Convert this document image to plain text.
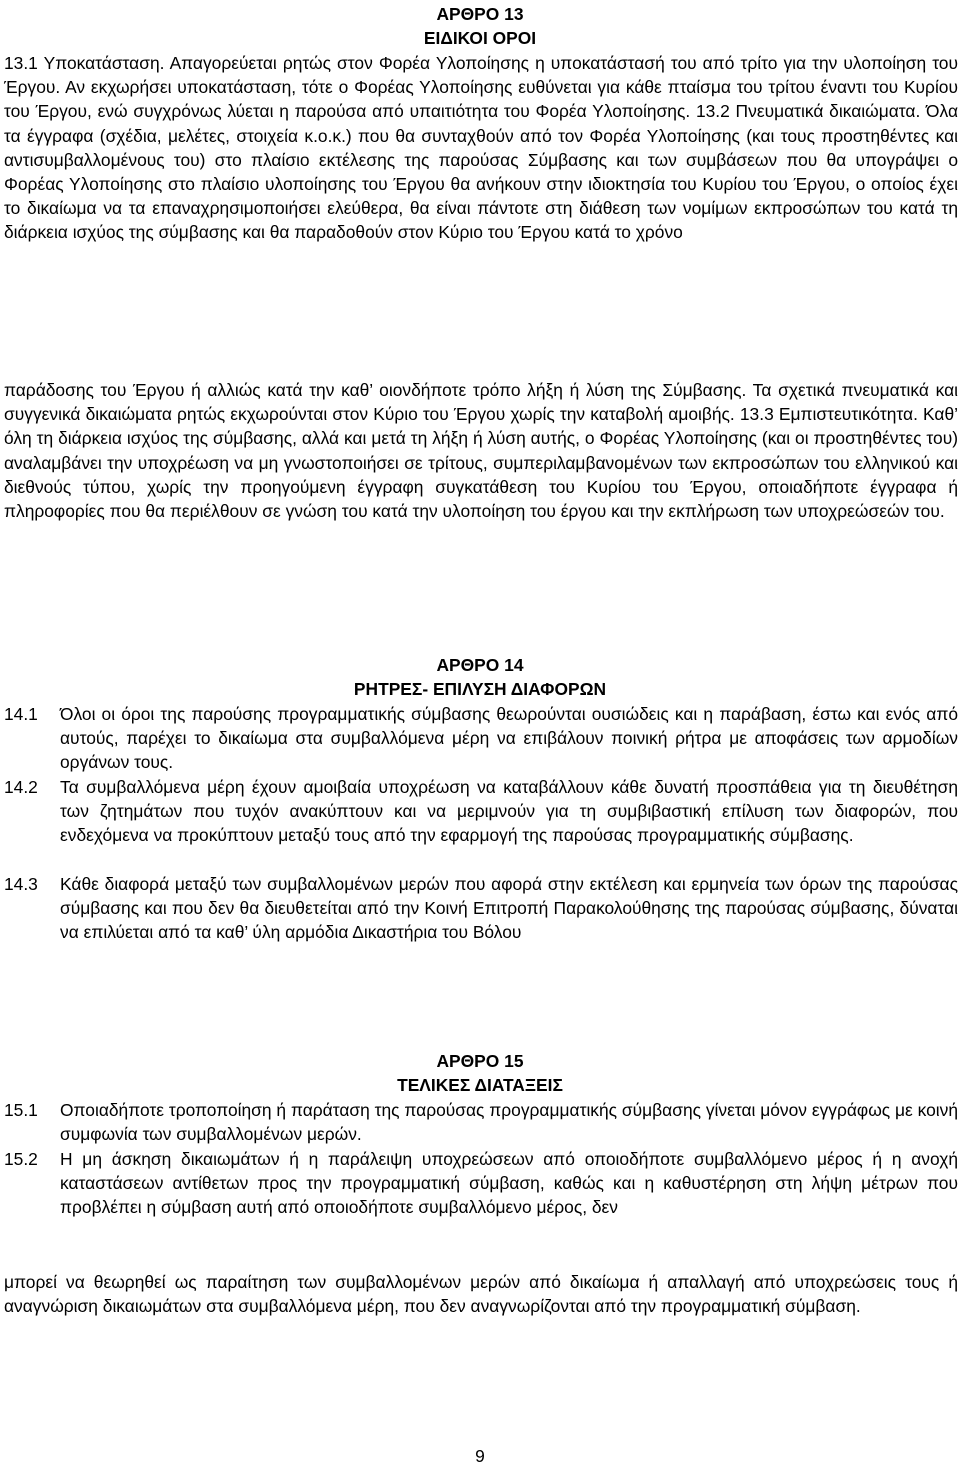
ΑΡΘΡΟ 13
ΕΙΔΙΚΟΙ ΟΡΟΙ

13.1 Υποκατάσταση. Απαγορεύεται ρητώς στον Φορέα Υλοποίησης η υποκατάστασή του από τρίτο για την υλοποίηση του Έργου. Αν εκχωρήσει υποκατάσταση, τότε ο Φορέας Υλοποίησης ευθύνεται για κάθε πταίσμα του τρίτου έναντι του Κυρίου του Έργου, ενώ συγχρόνως λύεται η παρούσα από υπαιτιότητα του Φορέα Υλοποίησης. 13.2 Πνευματικά δικαιώματα. Όλα τα έγγραφα (σχέδια, μελέτες, στοιχεία κ.ο.κ.) που θα συνταχθούν από τον Φορέα Υλοποίησης (και τους προστηθέντες και αντισυμβαλλομένους του) στο πλαίσιο εκτέλεσης της παρούσας Σύμβασης και των συμβάσεων που θα υπογράψει ο Φορέας Υλοποίησης στο πλαίσιο υλοποίησης του Έργου θα ανήκουν στην ιδιοκτησία του Κυρίου του Έργου, ο οποίος έχει το δικαίωμα να τα επαναχρησιμοποιήσει ελεύθερα, θα είναι πάντοτε στη διάθεση των νομίμων εκπροσώπων του κατά τη διάρκεια ισχύος της σύμβασης και θα παραδοθούν στον Κύριο του Έργου κατά το χρόνο

παράδοσης του Έργου ή αλλιώς κατά την καθ’ οιονδήποτε τρόπο λήξη ή λύση της Σύμβασης. Τα σχετικά πνευματικά και συγγενικά δικαιώματα ρητώς εκχωρούνται στον Κύριο του Έργου χωρίς την καταβολή αμοιβής. 13.3 Εμπιστευτικότητα. Καθ’ όλη τη διάρκεια ισχύος της σύμβασης, αλλά και μετά τη λήξη ή λύση αυτής, ο Φορέας Υλοποίησης (και οι προστηθέντες του) αναλαμβάνει την υποχρέωση να μη γνωστοποιήσει σε τρίτους, συμπεριλαμβανομένων των εκπροσώπων του ελληνικού και διεθνούς τύπου, χωρίς την προηγούμενη έγγραφη συγκατάθεση του Κυρίου του Έργου, οποιαδήποτε έγγραφα ή πληροφορίες που θα περιέλθουν σε γνώση του κατά την υλοποίηση του έργου και την εκπλήρωση των υποχρεώσεών του.

ΑΡΘΡΟ 14
ΡΗΤΡΕΣ- ΕΠΙΛΥΣΗ ΔΙΑΦΟΡΩΝ
14.1	Όλοι οι όροι της παρούσης προγραμματικής σύμβασης θεωρούνται ουσιώδεις και η παράβαση, έστω και ενός από αυτούς, παρέχει το δικαίωμα στα συμβαλλόμενα μέρη να επιβάλουν ποινική ρήτρα με αποφάσεις των αρμοδίων οργάνων τους.
14.2	Τα συμβαλλόμενα μέρη έχουν αμοιβαία υποχρέωση να καταβάλλουν κάθε δυνατή προσπάθεια για τη διευθέτηση των ζητημάτων που τυχόν ανακύπτουν και να μεριμνούν για τη συμβιβαστική επίλυση των διαφορών, που ενδεχόμενα να προκύπτουν μεταξύ τους από την εφαρμογή της παρούσας προγραμματικής σύμβασης.
14.3	Κάθε διαφορά μεταξύ των συμβαλλομένων μερών που αφορά στην εκτέλεση και ερμηνεία των όρων της παρούσας σύμβασης και που δεν θα διευθετείται από την Κοινή Επιτροπή Παρακολούθησης της παρούσας σύμβασης, δύναται να επιλύεται από τα καθ’ ύλη αρμόδια Δικαστήρια του Βόλου
ΑΡΘΡΟ 15
ΤΕΛΙΚΕΣ ΔΙΑΤΑΞΕΙΣ
15.1	Οποιαδήποτε τροποποίηση ή παράταση της παρούσας προγραμματικής σύμβασης γίνεται μόνον εγγράφως με κοινή συμφωνία των συμβαλλομένων μερών.
15.2	Η μη άσκηση δικαιωμάτων ή η παράλειψη υποχρεώσεων από οποιοδήποτε συμβαλλόμενο μέρος ή η ανοχή καταστάσεων αντίθετων προς την προγραμματική σύμβαση, καθώς και η καθυστέρηση στη λήψη μέτρων που προβλέπει η σύμβαση αυτή από οποιοδήποτε συμβαλλόμενο μέρος, δεν

μπορεί να θεωρηθεί ως παραίτηση των συμβαλλομένων μερών από δικαίωμα ή απαλλαγή από υποχρεώσεις τους ή αναγνώριση δικαιωμάτων στα συμβαλλόμενα μέρη, που δεν αναγνωρίζονται από την προγραμματική σύμβαση.

9
